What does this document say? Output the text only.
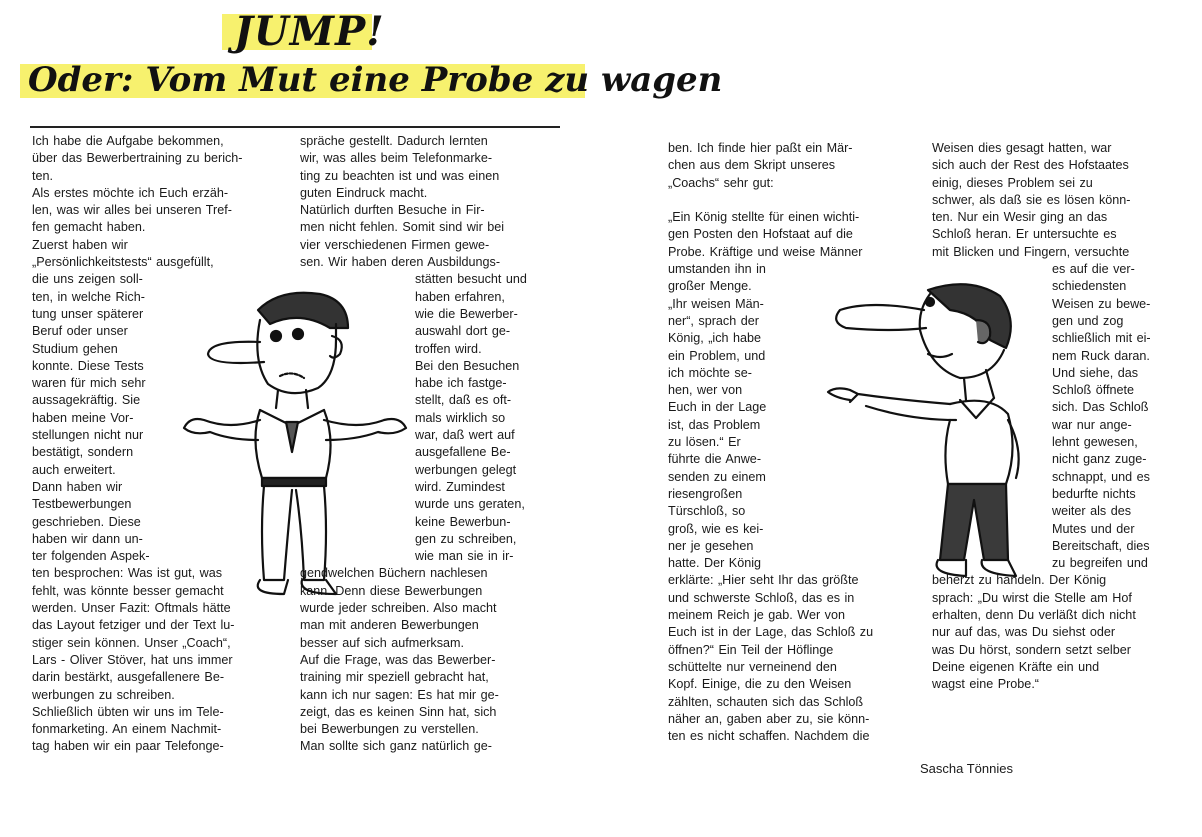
JUMP!
Oder: Vom Mut eine Probe zu wagen
Ich habe die Aufgabe bekommen,
über das Bewerbertraining zu berich-
ten.
Als erstes möchte ich Euch erzäh-
len, was wir alles bei unseren Tref-
fen gemacht haben.
Zuerst haben wir
„Persönlichkeitstests“ ausgefüllt,
die uns zeigen soll-
ten, in welche Rich-
tung unser späterer
Beruf oder unser
Studium gehen
konnte. Diese Tests
waren für mich sehr
aussagekräftig. Sie
haben meine Vor-
stellungen nicht nur
bestätigt, sondern
auch erweitert.
Dann haben wir
Testbewerbungen
geschrieben. Diese
haben wir dann un-
ter folgenden Aspek-
ten besprochen: Was ist gut, was
fehlt, was könnte besser gemacht
werden. Unser Fazit: Oftmals hätte
das Layout fetziger und der Text lu-
stiger sein können. Unser „Coach“,
Lars - Oliver Stöver, hat uns immer
darin bestärkt, ausgefallenere Be-
werbungen zu schreiben.
Schließlich übten wir uns im Tele-
fonmarketing. An einem Nachmit-
tag haben wir ein paar Telefonge-
spräche gestellt. Dadurch lernten
wir, was alles beim Telefonmarke-
ting zu beachten ist und was einen
guten Eindruck macht.
Natürlich durften Besuche in Fir-
men nicht fehlen. Somit sind wir bei
vier verschiedenen Firmen gewe-
sen. Wir haben deren Ausbildungs-
stätten besucht und
haben erfahren,
wie die Bewerber-
auswahl dort ge-
troffen wird.
Bei den Besuchen
habe ich fastge-
stellt, daß es oft-
mals wirklich so
war, daß wert auf
ausgefallene Be-
werbungen gelegt
wird. Zumindest
wurde uns geraten,
keine Bewerbun-
gen zu schreiben,
wie man sie in ir-
gendwelchen Büchern nachlesen
kann. Denn diese Bewerbungen
wurde jeder schreiben. Also macht
man mit anderen Bewerbungen
besser auf sich aufmerksam.
Auf die Frage, was das Bewerber-
training mir speziell gebracht hat,
kann ich nur sagen: Es hat mir ge-
zeigt, das es keinen Sinn hat, sich
bei Bewerbungen zu verstellen.
Man sollte sich ganz natürlich ge-
ben. Ich finde hier paßt ein Mär-
chen aus dem Skript unseres
„Coachs“ sehr gut:

„Ein König stellte für einen wichti-
gen Posten den Hofstaat auf die
Probe. Kräftige und weise Männer
umstanden ihn in
großer Menge.
„Ihr weisen Män-
ner“, sprach der
König, „ich habe
ein Problem, und
ich möchte se-
hen, wer von
Euch in der Lage
ist, das Problem
zu lösen.“ Er
führte die Anwe-
senden zu einem
riesengroßen
Türschloß, so
groß, wie es kei-
ner je gesehen
hatte. Der König
erklärte: „Hier seht Ihr das größte
und schwerste Schloß, das es in
meinem Reich je gab. Wer von
Euch ist in der Lage, das Schloß zu
öffnen?“ Ein Teil der Höflinge
schüttelte nur verneinend den
Kopf. Einige, die zu den Weisen
zählten, schauten sich das Schloß
näher an, gaben aber zu, sie könn-
ten es nicht schaffen. Nachdem die
Weisen dies gesagt hatten, war
sich auch der Rest des Hofstaates
einig, dieses Problem sei zu
schwer, als daß sie es lösen könn-
ten. Nur ein Wesir ging an das
Schloß heran. Er untersuchte es
mit Blicken und Fingern, versuchte
es auf die ver-
schiedensten
Weisen zu bewe-
gen und zog
schließlich mit ei-
nem Ruck daran.
Und siehe, das
Schloß öffnete
sich. Das Schloß
war nur ange-
lehnt gewesen,
nicht ganz zuge-
schnappt, und es
bedurfte nichts
weiter als des
Mutes und der
Bereitschaft, dies
zu begreifen und
beherzt zu handeln. Der König
sprach: „Du wirst die Stelle am Hof
erhalten, denn Du verläßt dich nicht
nur auf das, was Du siehst oder
was Du hörst, sondern setzt selber
Deine eigenen Kräfte ein und
wagst eine Probe.“
Sascha Tönnies
